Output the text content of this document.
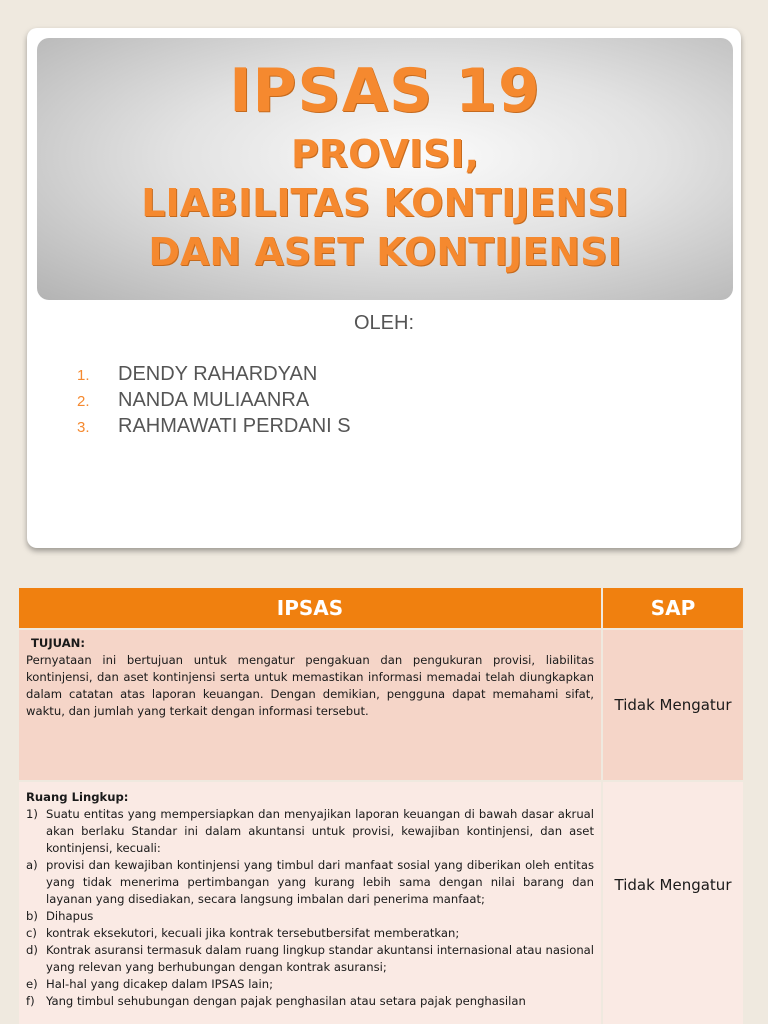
IPSAS 19
PROVISI,
LIABILITAS KONTIJENSI
DAN ASET KONTIJENSI
OLEH:
1. DENDY RAHARDYAN
2. NANDA MULIAANRA
3. RAHMAWATI PERDANI S
IPSAS	SAP
TUJUAN:
Pernyataan ini bertujuan untuk mengatur pengakuan dan pengukuran provisi, liabilitas kontinjensi, dan aset kontinjensi serta untuk memastikan informasi memadai telah diungkapkan dalam catatan atas laporan keuangan. Dengan demikian, pengguna dapat memahami sifat, waktu, dan jumlah yang terkait dengan informasi tersebut.	Tidak Mengatur
Ruang Lingkup:
1) Suatu entitas yang mempersiapkan dan menyajikan laporan keuangan di bawah dasar akrual akan berlaku Standar ini dalam akuntansi untuk provisi, kewajiban kontinjensi, dan aset kontinjensi, kecuali:
a) provisi dan kewajiban kontinjensi yang timbul dari manfaat sosial yang diberikan oleh entitas yang tidak menerima pertimbangan yang kurang lebih sama dengan nilai barang dan layanan yang disediakan, secara langsung imbalan dari penerima manfaat;
b) Dihapus
c) kontrak eksekutori, kecuali jika kontrak tersebutbersifat memberatkan;
d) Kontrak asuransi termasuk dalam ruang lingkup standar akuntansi internasional atau nasional yang relevan yang berhubungan dengan kontrak asuransi;
e) Hal-hal yang dicakep dalam IPSAS lain;
f) Yang timbul sehubungan dengan pajak penghasilan atau setara pajak penghasilan
Tidak Mengatur
